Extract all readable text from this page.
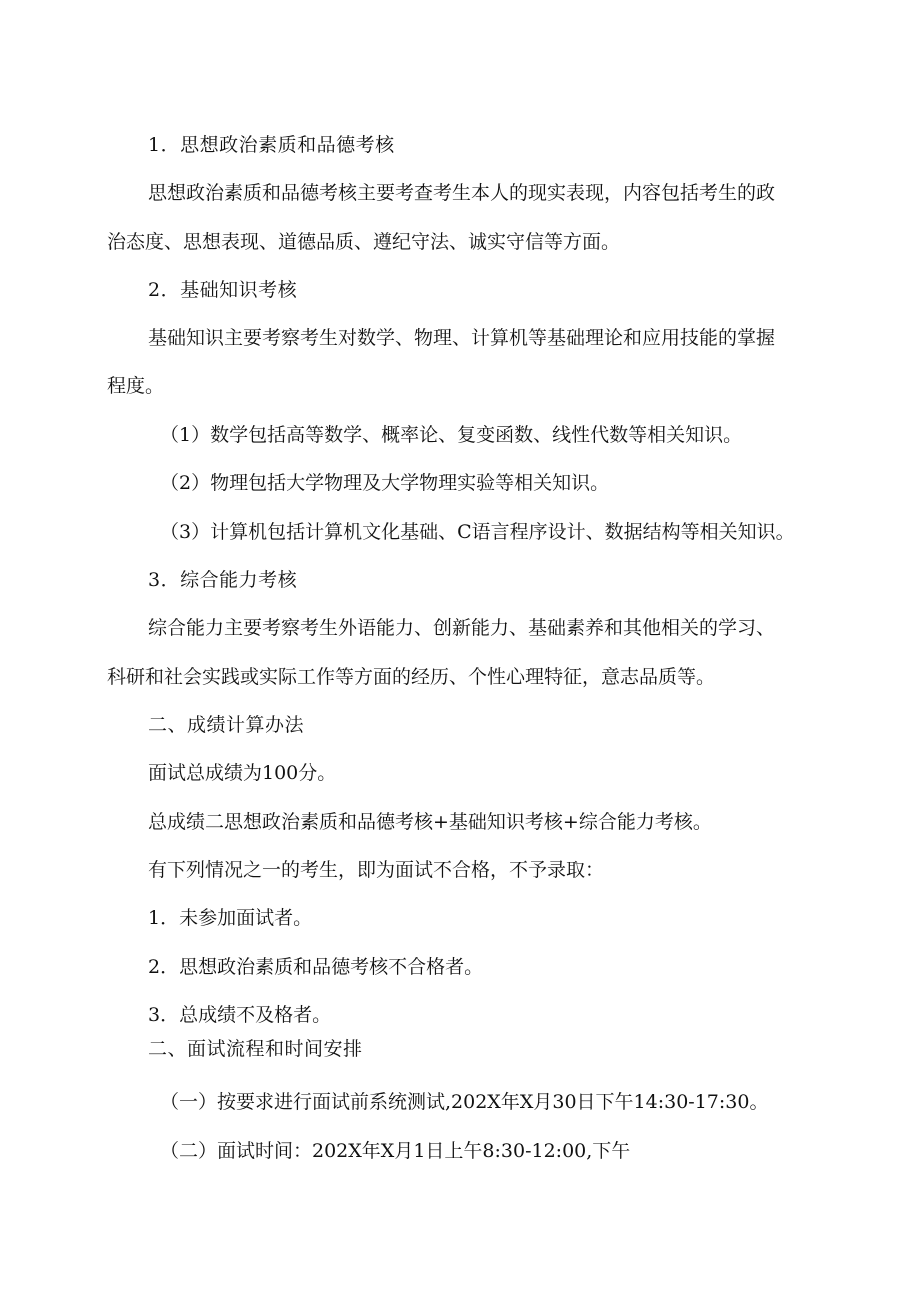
1．思想政治素质和品德考核

思想政治素质和品德考核主要考查考生本人的现实表现，内容包括考生的政

治态度、思想表现、道德品质、遵纪守法、诚实守信等方面。

2．基础知识考核

基础知识主要考察考生对数学、物理、计算机等基础理论和应用技能的掌握

程度。

（1）数学包括高等数学、概率论、复变函数、线性代数等相关知识。

（2）物理包括大学物理及大学物理实验等相关知识。

（3）计算机包括计算机文化基础、C语言程序设计、数据结构等相关知识。

3．综合能力考核

综合能力主要考察考生外语能力、创新能力、基础素养和其他相关的学习、

科研和社会实践或实际工作等方面的经历、个性心理特征，意志品质等。

二、成绩计算办法

面试总成绩为100分。

总成绩二思想政治素质和品德考核+基础知识考核+综合能力考核。

有下列情况之一的考生，即为面试不合格，不予录取：

1．未参加面试者。

2．思想政治素质和品德考核不合格者。

3．总成绩不及格者。

二、面试流程和时间安排

（一）按要求进行面试前系统测试,202X年X月30日下午14:30-17:30。

（二）面试时间：202X年X月1日上午8:30-12:00,下午
